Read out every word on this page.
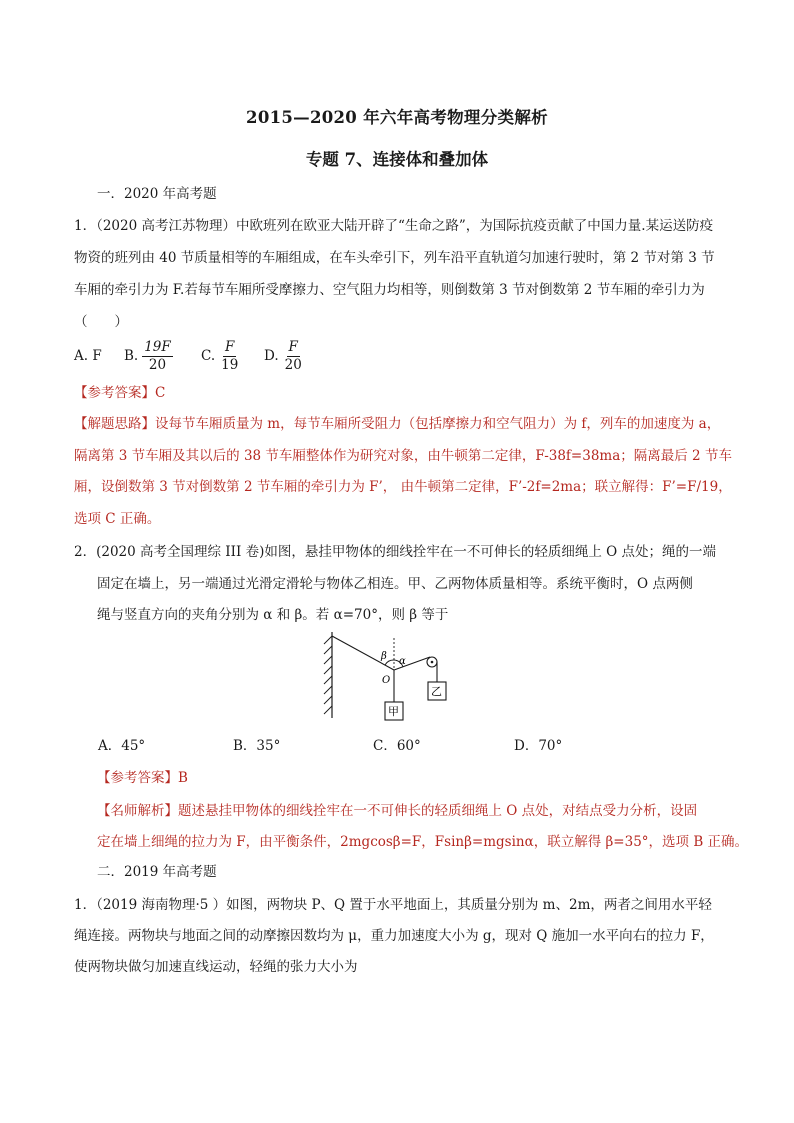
2015—2020 年六年高考物理分类解析
专题 7、连接体和叠加体
一．2020 年高考题
1．（2020 高考江苏物理）中欧班列在欧亚大陆开辟了“生命之路”，为国际抗疫贡献了中国力量.某运送防疫
物资的班列由 40 节质量相等的车厢组成，在车头牵引下，列车沿平直轨道匀加速行驶时，第 2 节对第 3 节
车厢的牵引力为 F.若每节车厢所受摩擦力、空气阻力均相等，则倒数第 3 节对倒数第 2 节车厢的牵引力为
（　　）
A. F B. $\frac{19F}{20} C$. $\frac{F}{19} D$. $\frac{F}{20}$
【参考答案】C
【解题思路】设每节车厢质量为 m，每节车厢所受阻力（包括摩擦力和空气阻力）为 f，列车的加速度为 a，
隔离第 3 节车厢及其以后的 38 节车厢整体作为研究对象，由牛顿第二定律，F-38f=38ma；隔离最后 2 节车
厢，设倒数第 3 节对倒数第 2 节车厢的牵引力为 F’， 由牛顿第二定律，F’-2f=2ma；联立解得：F’=F/19，
选项 C 正确。
2．(2020 高考全国理综 III 卷)如图，悬挂甲物体的细线拴牢在一不可伸长的轻质细绳上 O 点处；绳的一端
固定在墙上，另一端通过光滑定滑轮与物体乙相连。甲、乙两物体质量相等。系统平衡时，O 点两侧
绳与竖直方向的夹角分别为 α 和 β。若 α=70°，则 β 等于
β α
O
甲
乙
A．45°	B．35°	C．60°	D．70°
【参考答案】B
【名师解析】题述悬挂甲物体的细线拴牢在一不可伸长的轻质细绳上 O 点处，对结点受力分析，设固
定在墙上细绳的拉力为 F，由平衡条件，2mgcosβ=F，Fsinβ=mgsinα，联立解得 β=35°，选项 B 正确。
二．2019 年高考题
1．（2019 海南物理·5 ）如图，两物块 P、Q 置于水平地面上，其质量分别为 m、2m，两者之间用水平轻
绳连接。两物块与地面之间的动摩擦因数均为 μ，重力加速度大小为 g，现对 Q 施加一水平向右的拉力 F，
使两物块做匀加速直线运动，轻绳的张力大小为
